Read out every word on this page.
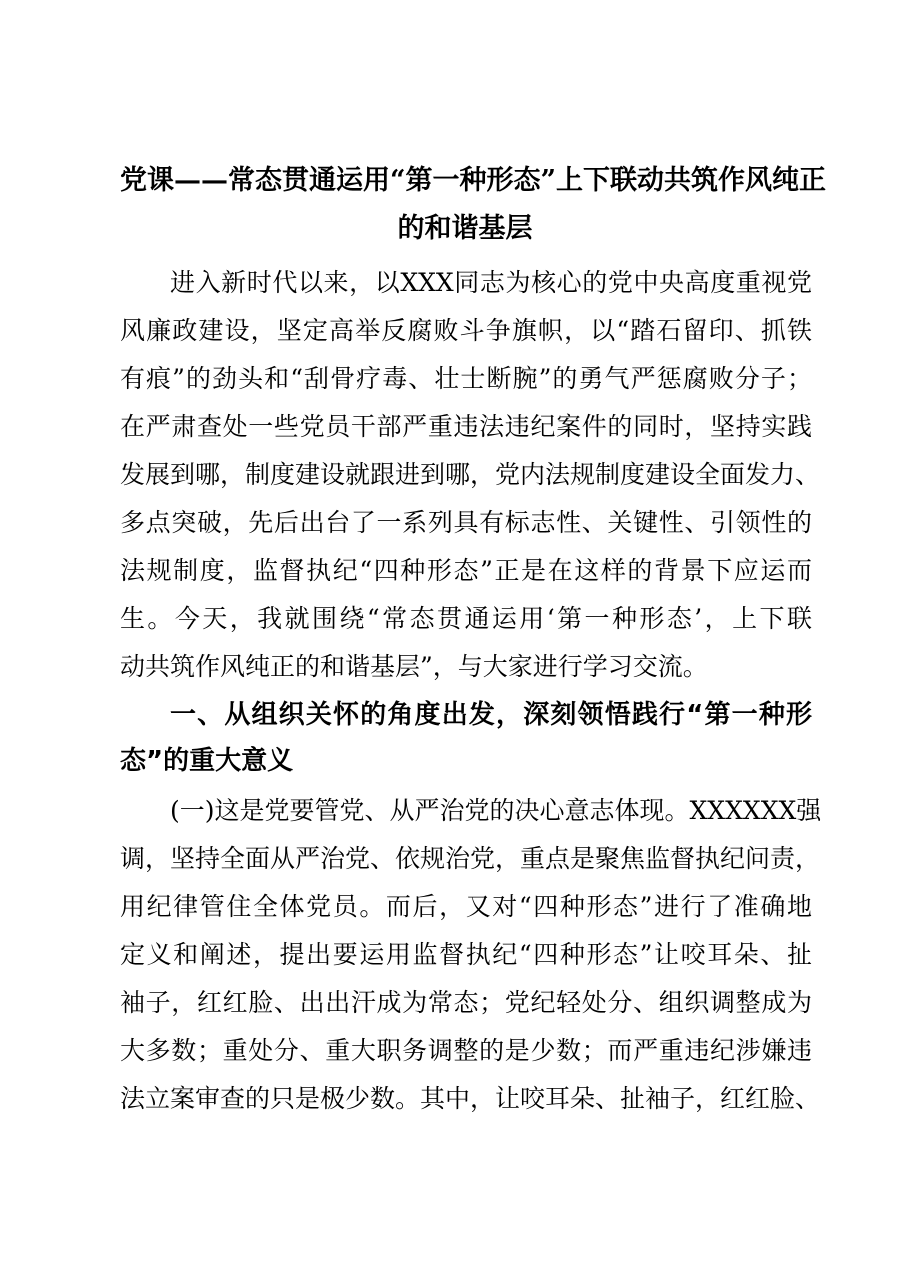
党课——常态贯通运用“第一种形态”上下联动共筑作风纯正
的和谐基层
进入新时代以来，以XXX同志为核心的党中央高度重视党
风廉政建设，坚定高举反腐败斗争旗帜，以“踏石留印、抓铁
有痕”的劲头和“刮骨疗毒、壮士断腕”的勇气严惩腐败分子；
在严肃查处一些党员干部严重违法违纪案件的同时，坚持实践
发展到哪，制度建设就跟进到哪，党内法规制度建设全面发力、
多点突破，先后出台了一系列具有标志性、关键性、引领性的
法规制度，监督执纪“四种形态”正是在这样的背景下应运而
生。今天，我就围绕“常态贯通运用‘第一种形态’，上下联
动共筑作风纯正的和谐基层”，与大家进行学习交流。
一、从组织关怀的角度出发，深刻领悟践行“第一种形
态”的重大意义
(一)这是党要管党、从严治党的决心意志体现。XXXXXX强
调，坚持全面从严治党、依规治党，重点是聚焦监督执纪问责，
用纪律管住全体党员。而后，又对“四种形态”进行了准确地
定义和阐述，提出要运用监督执纪“四种形态”让咬耳朵、扯
袖子，红红脸、出出汗成为常态；党纪轻处分、组织调整成为
大多数；重处分、重大职务调整的是少数；而严重违纪涉嫌违
法立案审查的只是极少数。其中，让咬耳朵、扯袖子，红红脸、
